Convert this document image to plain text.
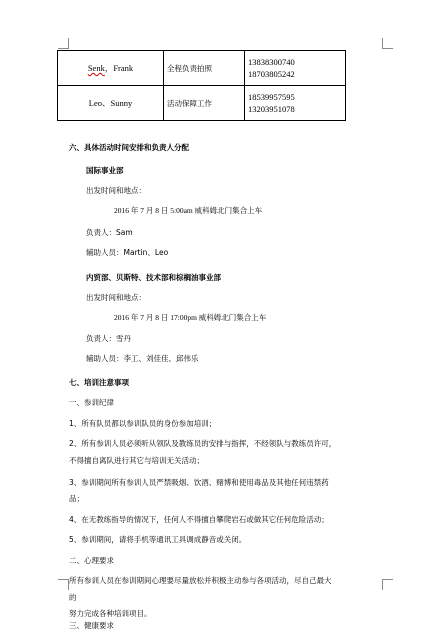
Senk，Frank	全程负责拍照	13838300740
18703805242

Leo、Sunny	活动保障工作	18539957595
13203951078
六、具体活动时间安排和负责人分配
国际事业部
出发时间和地点：
2016 年 7 月 8 日 5:00am 威科姆北门集合上车
负责人：Sam
辅助人员：Martin、Leo
内贸部、贝斯特、技术部和棕榈油事业部
出发时间和地点：
2016 年 7 月 8 日 17:00pm 威科姆北门集合上车
负责人：雪丹
辅助人员：李工、刘佳佳、邱伟乐
七、培训注意事项
一、参训纪律
1、所有队员都以参训队员的身份参加培训；
2、所有参训人员必须听从领队及教练员的安排与指挥，不经领队与教练员许可，
不得擅自离队进行其它与培训无关活动；
3、参训期间所有参训人员严禁吸烟、饮酒、赌博和使用毒品及其他任何违禁药
品；
4、在无教练指导的情况下，任何人不得擅自攀爬岩石或做其它任何危险活动；
5、参训期间，请将手机等通讯工具调成静音或关闭。
二、心理要求
所有参训人员在参训期间心理要尽量放松并积极主动参与各项活动，尽自己最大
的
努力完成各种培训项目。
三、健康要求
